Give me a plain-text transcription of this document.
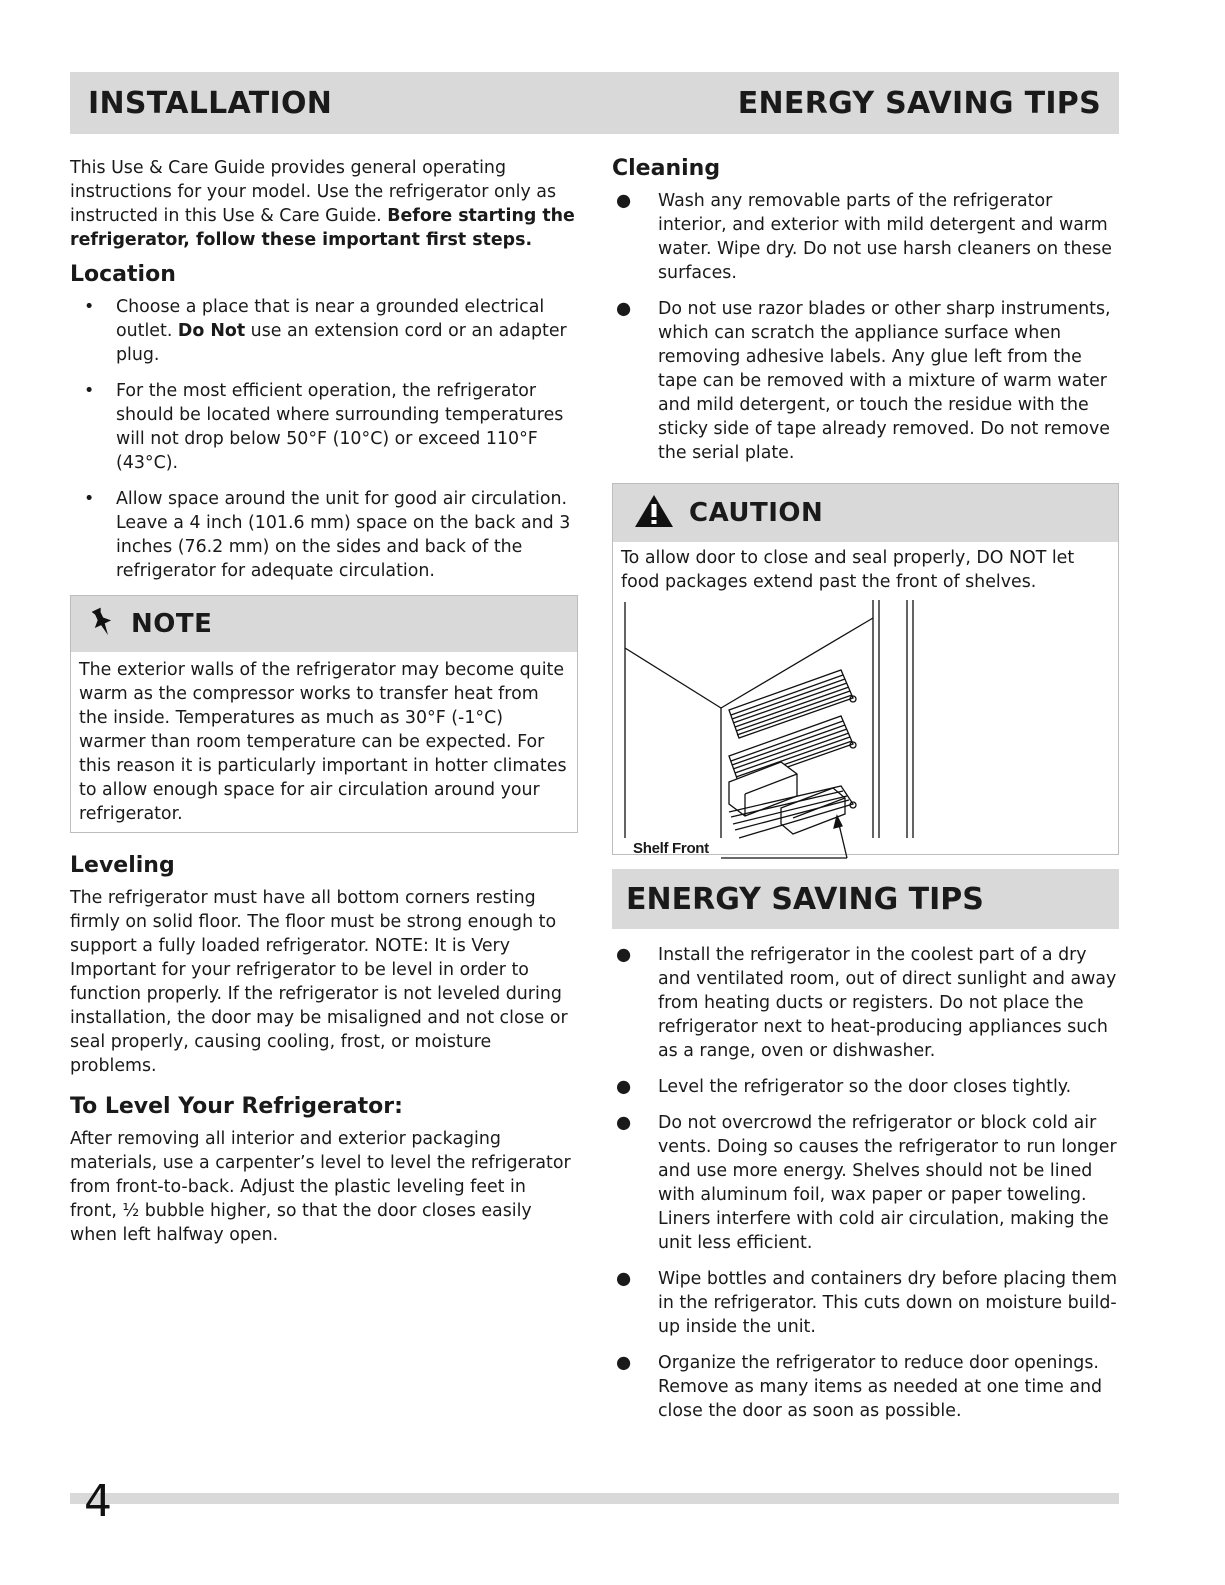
INSTALLATION	ENERGY SAVING TIPS

This Use & Care Guide provides general operating instructions for your model. Use the refrigerator only as instructed in this Use & Care Guide. Before starting the refrigerator, follow these important first steps.

Location
• Choose a place that is near a grounded electrical outlet. Do Not use an extension cord or an adapter plug.
• For the most efficient operation, the refrigerator should be located where surrounding temperatures will not drop below 50°F (10°C) or exceed 110°F (43°C).
• Allow space around the unit for good air circulation. Leave a 4 inch (101.6 mm) space on the back and 3 inches (76.2 mm) on the sides and back of the refrigerator for adequate circulation.
NOTE

The exterior walls of the refrigerator may become quite warm as the compressor works to transfer heat from the inside. Temperatures as much as 30°F (-1°C) warmer than room temperature can be expected. For this reason it is particularly important in hotter climates to allow enough space for air circulation around your refrigerator.

Leveling

The refrigerator must have all bottom corners resting firmly on solid floor. The floor must be strong enough to support a fully loaded refrigerator. NOTE: It is Very Important for your refrigerator to be level in order to function properly. If the refrigerator is not leveled during installation, the door may be misaligned and not close or seal properly, causing cooling, frost, or moisture problems.

To Level Your Refrigerator:

After removing all interior and exterior packaging materials, use a carpenter’s level to level the refrigerator from front-to-back. Adjust the plastic leveling feet in front, ½ bubble higher, so that the door closes easily when left halfway open.

Cleaning
● Wash any removable parts of the refrigerator interior, and exterior with mild detergent and warm water. Wipe dry. Do not use harsh cleaners on these surfaces.
● Do not use razor blades or other sharp instruments, which can scratch the appliance surface when removing adhesive labels. Any glue left from the tape can be removed with a mixture of warm water and mild detergent, or touch the residue with the sticky side of tape already removed. Do not remove the serial plate.
CAUTION

To allow door to close and seal properly, DO NOT let food packages extend past the front of shelves.

Shelf Front
ENERGY SAVING TIPS
● Install the refrigerator in the coolest part of a dry and ventilated room, out of direct sunlight and away from heating ducts or registers. Do not place the refrigerator next to heat-producing appliances such as a range, oven or dishwasher.
● Level the refrigerator so the door closes tightly.
● Do not overcrowd the refrigerator or block cold air vents. Doing so causes the refrigerator to run longer and use more energy. Shelves should not be lined with aluminum foil, wax paper or paper toweling. Liners interfere with cold air circulation, making the unit less efficient.
● Wipe bottles and containers dry before placing them in the refrigerator. This cuts down on moisture build-up inside the unit.
● Organize the refrigerator to reduce door openings. Remove as many items as needed at one time and close the door as soon as possible.
4
